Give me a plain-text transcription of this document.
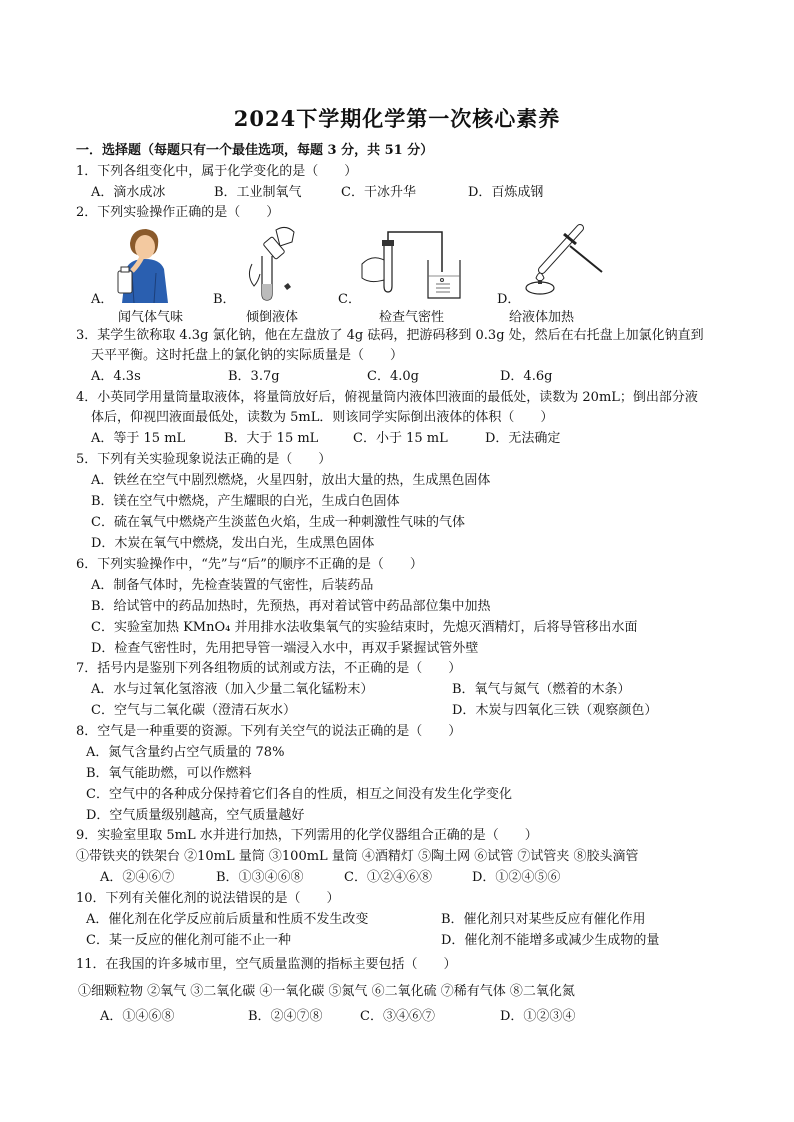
2024下学期化学第一次核心素养
一．选择题（每题只有一个最佳选项，每题 3 分，共 51 分）
1．下列各组变化中，属于化学变化的是（　　）
A．滴水成冰	B．工业制氧气	C．干冰升华	D．百炼成钢
2．下列实验操作正确的是（　　）
A．	B．	C．	D．
闻气体气味	倾倒液体	检查气密性	给液体加热
3．某学生欲称取 4.3g 氯化钠，他在左盘放了 4g 砝码，把游码移到 0.3g 处，然后在右托盘上加氯化钠直到
天平平衡。这时托盘上的氯化钠的实际质量是（　　）
A．4.3s	B．3.7g	C．4.0g	D．4.6g
4．小英同学用量筒量取液体，将量筒放好后，俯视量筒内液体凹液面的最低处，读数为 20mL；倒出部分液
体后，仰视凹液面最低处，读数为 5mL．则该同学实际倒出液体的体积（　　）
A．等于 15 mL	B．大于 15 mL	C．小于 15 mL	D．无法确定
5．下列有关实验现象说法正确的是（　　）
A．铁丝在空气中剧烈燃烧，火星四射，放出大量的热，生成黑色固体
B．镁在空气中燃烧，产生耀眼的白光，生成白色固体
C．硫在氧气中燃烧产生淡蓝色火焰，生成一种刺激性气味的气体
D．木炭在氧气中燃烧，发出白光，生成黑色固体
6．下列实验操作中，“先”与“后”的顺序不正确的是（　　）
A．制备气体时，先检查装置的气密性，后装药品
B．给试管中的药品加热时，先预热，再对着试管中药品部位集中加热
C．实验室加热 KMnO₄ 并用排水法收集氧气的实验结束时，先熄灭酒精灯，后将导管移出水面
D．检查气密性时，先用把导管一端浸入水中，再双手紧握试管外壁
7．括号内是鉴别下列各组物质的试剂或方法，不正确的是（　　）
A．水与过氧化氢溶液（加入少量二氧化锰粉末）	B．氧气与氮气（燃着的木条）
C．空气与二氧化碳（澄清石灰水）	D．木炭与四氧化三铁（观察颜色）
8．空气是一种重要的资源。下列有关空气的说法正确的是（　　）
A．氮气含量约占空气质量的 78%
B．氧气能助燃，可以作燃料
C．空气中的各种成分保持着它们各自的性质，相互之间没有发生化学变化
D．空气质量级别越高，空气质量越好
9．实验室里取 5mL 水并进行加热，下列需用的化学仪器组合正确的是（　　）
①带铁夹的铁架台 ②10mL 量筒 ③100mL 量筒 ④酒精灯 ⑤陶土网 ⑥试管 ⑦试管夹 ⑧胶头滴管
A．②④⑥⑦	B．①③④⑥⑧	C．①②④⑥⑧	D．①②④⑤⑥
10．下列有关催化剂的说法错误的是（　　）
A．催化剂在化学反应前后质量和性质不发生改变	B．催化剂只对某些反应有催化作用
C．某一反应的催化剂可能不止一种	D．催化剂不能增多或减少生成物的量
11．在我国的许多城市里，空气质量监测的指标主要包括（　　）
①细颗粒物 ②氧气 ③二氧化碳 ④一氧化碳 ⑤氮气 ⑥二氧化硫 ⑦稀有气体 ⑧二氧化氮
A．①④⑥⑧	B．②④⑦⑧	C．③④⑥⑦	D．①②③④
